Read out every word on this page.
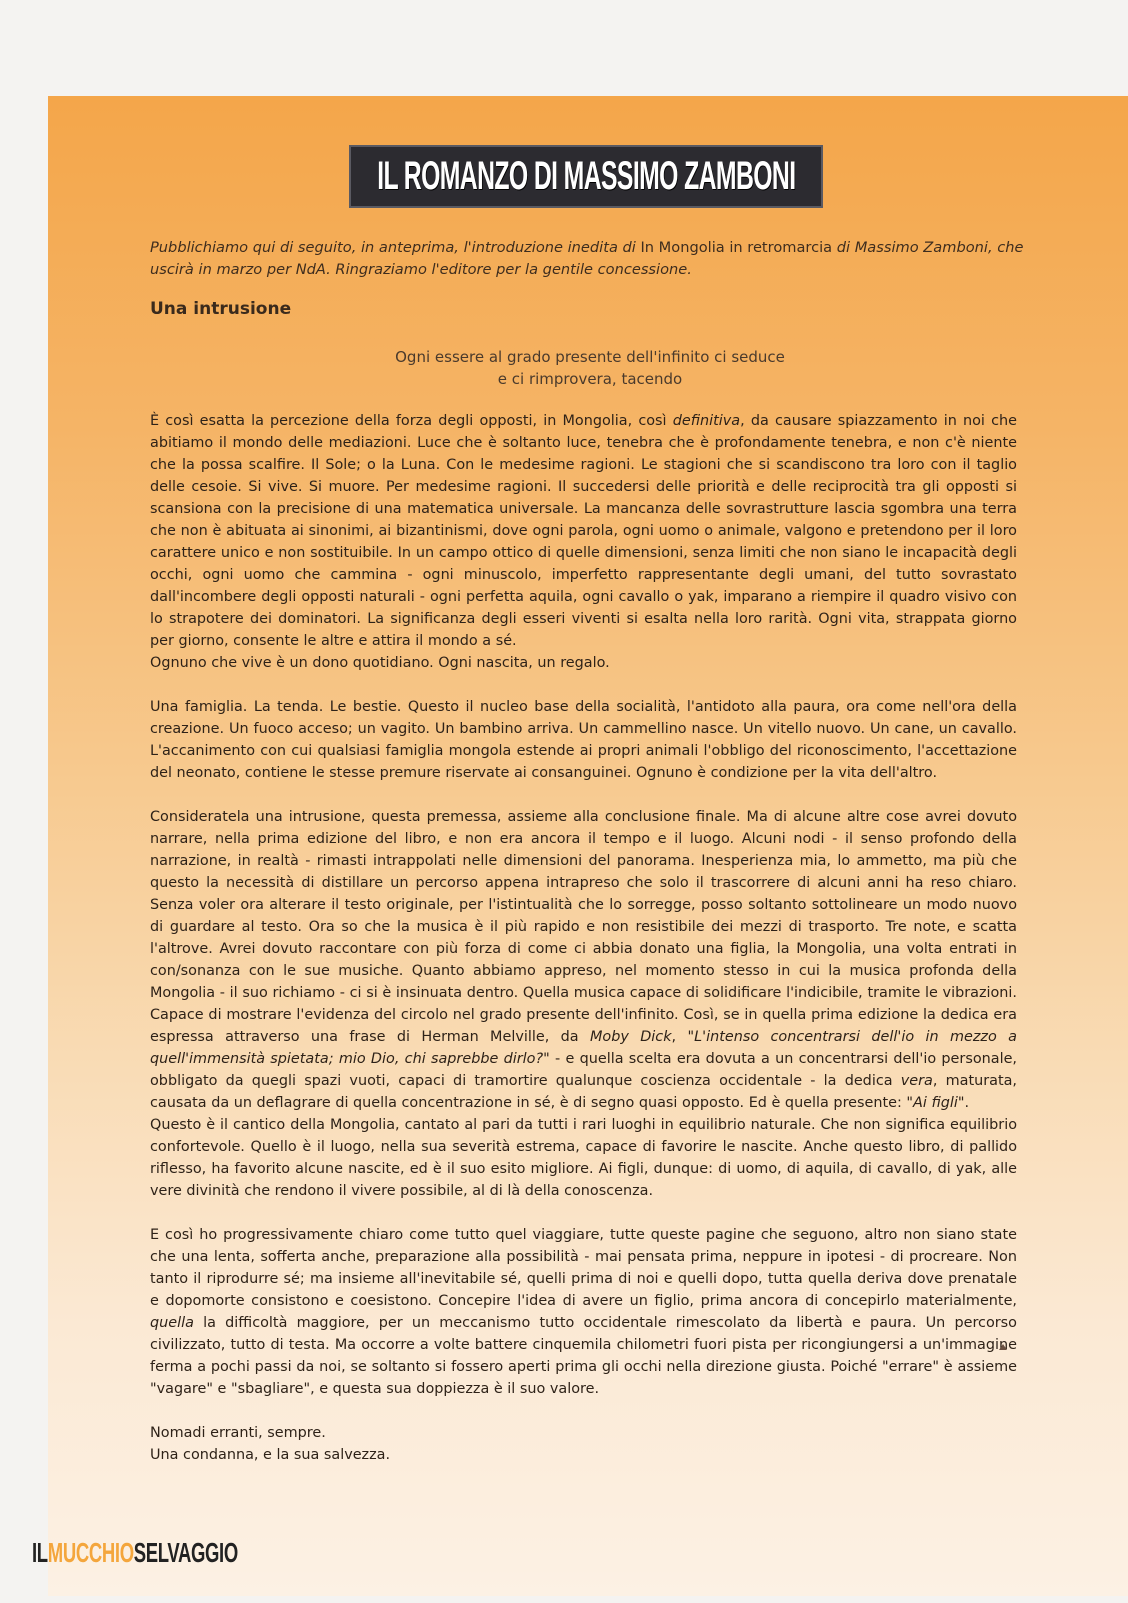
IL ROMANZO DI MASSIMO ZAMBONI
Pubblichiamo qui di seguito, in anteprima, l'introduzione inedita di In Mongolia in retromarcia di Massimo Zamboni, che uscirà in marzo per NdA. Ringraziamo l'editore per la gentile concessione.
Una intrusione
Ogni essere al grado presente dell'infinito ci seduce
e ci rimprovera, tacendo

È così esatta la percezione della forza degli opposti, in Mongolia, così definitiva, da causare spiazzamento in noi che abitiamo il mondo delle mediazioni. Luce che è soltanto luce, tenebra che è profondamente tenebra, e non c'è niente che la possa scalfire. Il Sole; o la Luna. Con le medesime ragioni. Le stagioni che si scandiscono tra loro con il taglio delle cesoie. Si vive. Si muore. Per medesime ragioni. Il succedersi delle priorità e delle reciprocità tra gli opposti si scansiona con la precisione di una matematica universale. La mancanza delle sovrastrutture lascia sgombra una terra che non è abituata ai sinonimi, ai bizantinismi, dove ogni parola, ogni uomo o animale, valgono e pretendono per il loro carattere unico e non sostituibile. In un campo ottico di quelle dimensioni, senza limiti che non siano le incapacità degli occhi, ogni uomo che cammina - ogni minuscolo, imperfetto rappresentante degli umani, del tutto sovrastato dall'incombere degli opposti naturali - ogni perfetta aquila, ogni cavallo o yak, imparano a riempire il quadro visivo con lo strapotere dei dominatori. La significanza degli esseri viventi si esalta nella loro rarità. Ogni vita, strappata giorno per giorno, consente le altre e attira il mondo a sé.

Ognuno che vive è un dono quotidiano. Ogni nascita, un regalo.

Una famiglia. La tenda. Le bestie. Questo il nucleo base della socialità, l'antidoto alla paura, ora come nell'ora della creazione. Un fuoco acceso; un vagito. Un bambino arriva. Un cammellino nasce. Un vitello nuovo. Un cane, un cavallo. L'accanimento con cui qualsiasi famiglia mongola estende ai propri animali l'obbligo del riconoscimento, l'accettazione del neonato, contiene le stesse premure riservate ai consanguinei. Ognuno è condizione per la vita dell'altro.

Consideratela una intrusione, questa premessa, assieme alla conclusione finale. Ma di alcune altre cose avrei dovuto narrare, nella prima edizione del libro, e non era ancora il tempo e il luogo. Alcuni nodi - il senso profondo della narrazione, in realtà - rimasti intrappolati nelle dimensioni del panorama. Inesperienza mia, lo ammetto, ma più che questo la necessità di distillare un percorso appena intrapreso che solo il trascorrere di alcuni anni ha reso chiaro. Senza voler ora alterare il testo originale, per l'istintualità che lo sorregge, posso soltanto sottolineare un modo nuovo di guardare al testo. Ora so che la musica è il più rapido e non resistibile dei mezzi di trasporto. Tre note, e scatta l'altrove. Avrei dovuto raccontare con più forza di come ci abbia donato una figlia, la Mongolia, una volta entrati in con/sonanza con le sue musiche. Quanto abbiamo appreso, nel momento stesso in cui la musica profonda della Mongolia - il suo richiamo - ci si è insinuata dentro. Quella musica capace di solidificare l'indicibile, tramite le vibrazioni. Capace di mostrare l'evidenza del circolo nel grado presente dell'infinito. Così, se in quella prima edizione la dedica era espressa attraverso una frase di Herman Melville, da Moby Dick, "L'intenso concentrarsi dell'io in mezzo a quell'immensità spietata; mio Dio, chi saprebbe dirlo?" - e quella scelta era dovuta a un concentrarsi dell'io personale, obbligato da quegli spazi vuoti, capaci di tramortire qualunque coscienza occidentale - la dedica vera, maturata, causata da un deflagrare di quella concentrazione in sé, è di segno quasi opposto. Ed è quella presente: "Ai figli".

Questo è il cantico della Mongolia, cantato al pari da tutti i rari luoghi in equilibrio naturale. Che non significa equilibrio confortevole. Quello è il luogo, nella sua severità estrema, capace di favorire le nascite. Anche questo libro, di pallido riflesso, ha favorito alcune nascite, ed è il suo esito migliore. Ai figli, dunque: di uomo, di aquila, di cavallo, di yak, alle vere divinità che rendono il vivere possibile, al di là della conoscenza.

E così ho progressivamente chiaro come tutto quel viaggiare, tutte queste pagine che seguono, altro non siano state che una lenta, sofferta anche, preparazione alla possibilità - mai pensata prima, neppure in ipotesi - di procreare. Non tanto il riprodurre sé; ma insieme all'inevitabile sé, quelli prima di noi e quelli dopo, tutta quella deriva dove prenatale e dopomorte consistono e coesistono. Concepire l'idea di avere un figlio, prima ancora di concepirlo materialmente, quella la difficoltà maggiore, per un meccanismo tutto occidentale rimescolato da libertà e paura. Un percorso civilizzato, tutto di testa. Ma occorre a volte battere cinquemila chilometri fuori pista per ricongiungersi a un'immagine ferma a pochi passi da noi, se soltanto si fossero aperti prima gli occhi nella direzione giusta. Poiché "errare" è assieme "vagare" e "sbagliare", e questa sua doppiezza è il suo valore.

Nomadi erranti, sempre.
Una condanna, e la sua salvezza.
IL MUCCHIO SELVAGGIO
